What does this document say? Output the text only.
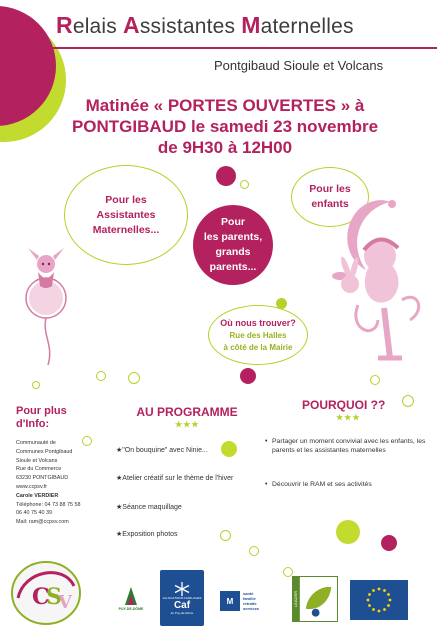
Relais Assistantes Maternelles
Pontgibaud Sioule et Volcans
Matinée « PORTES OUVERTES » à
PONTGIBAUD le samedi 23 novembre
de 9H30 à 12H00
Pour les
Assistantes
Maternelles...
Pour
les parents,
grands
parents...
Pour les
enfants
Où nous trouver?
Rue des Halles
à côté de la Mairie
Pour plus
d'Info:
Communauté de
Communes Pontgibaud
Sioule et Volcans
Rue du Commerce
63230 PONTGIBAUD
www.ccpsv.fr
Carole VERDIER
Téléphone: 04 73 88 75 58
06 40 75 40 39
Mail: ram@ccpsv.com
AU PROGRAMME
★★★
★"On bouquine" avec Ninie...
★Atelier créatif sur le thème de l'hiver
★Séance maquillage
★Exposition photos
POURQUOI ??
★★★
• Partager un moment convivial avec les enfants, les parents et les assistantes maternelles
• Découvrir le RAM et ses activités
C
S
V	PUY-DE-DÔME
ALLOCATIONS FAMILIALES
Caf
du Puy-de-Dôme
M
santé
famille
retraite
services
LEADER
